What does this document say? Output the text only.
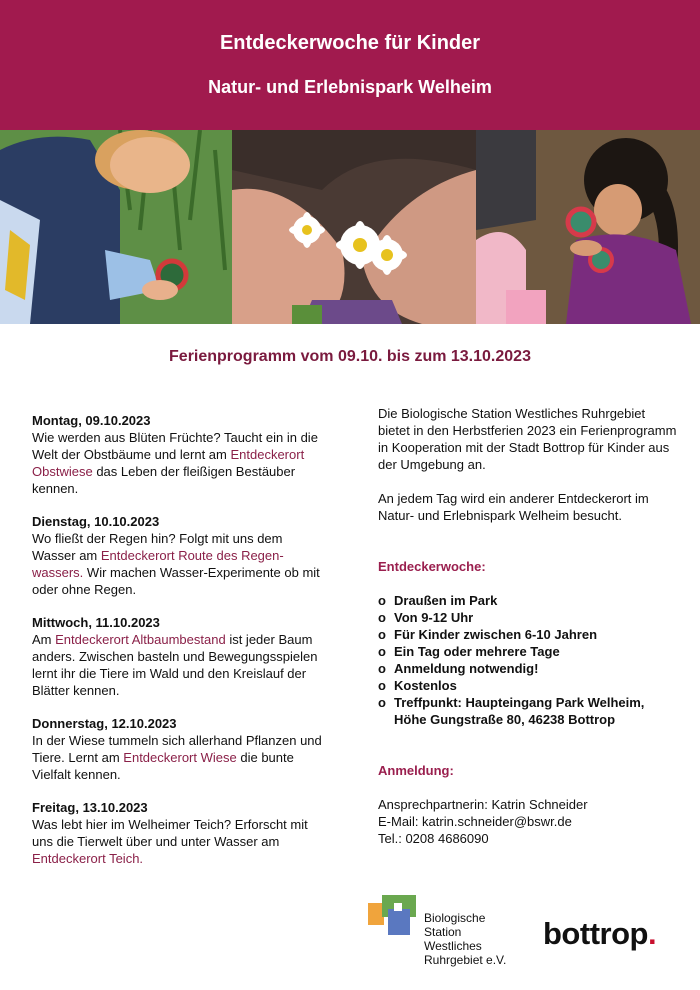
Entdeckerwoche für Kinder
Natur- und Erlebnispark Welheim
Ferienprogramm vom 09.10. bis zum 13.10.2023
Montag, 09.10.2023

Wie werden aus Blüten Früchte? Taucht ein in die Welt der Obstbäume und lernt am Entdeckerort Obstwiese das Leben der fleißigen Bestäuber kennen.

Dienstag, 10.10.2023

Wo fließt der Regen hin? Folgt mit uns dem Wasser am Entdeckerort Route des Regen-wassers. Wir machen Wasser-Experimente ob mit oder ohne Regen.

Mittwoch, 11.10.2023

Am Entdeckerort Altbaumbestand ist jeder Baum anders. Zwischen basteln und Bewegungsspielen lernt ihr die Tiere im Wald und den Kreislauf der Blätter kennen.

Donnerstag, 12.10.2023

In der Wiese tummeln sich allerhand Pflanzen und Tiere. Lernt am Entdeckerort Wiese die bunte Vielfalt kennen.

Freitag, 13.10.2023

Was lebt hier im Welheimer Teich? Erforscht mit uns die Tierwelt über und unter Wasser am Entdeckerort Teich.

Die Biologische Station Westliches Ruhrgebiet bietet in den Herbstferien 2023 ein Ferienprogramm in Kooperation mit der Stadt Bottrop für Kinder aus der Umgebung an.

An jedem Tag wird ein anderer Entdeckerort im Natur- und Erlebnispark Welheim besucht.

Entdeckerwoche:

o Draußen im Park
o Von 9-12 Uhr
o Für Kinder zwischen 6-10 Jahren
o Ein Tag oder mehrere Tage
o Anmeldung notwendig!
o Kostenlos
o Treffpunkt: Haupteingang Park Welheim, Höhe Gungstraße 80, 46238 Bottrop

Anmeldung:

Ansprechpartnerin: Katrin Schneider

E-Mail: katrin.schneider@bswr.de

Tel.: 0208 4686090

Biologische
Station
Westliches
Ruhrgebiet e.V.
bottrop.
